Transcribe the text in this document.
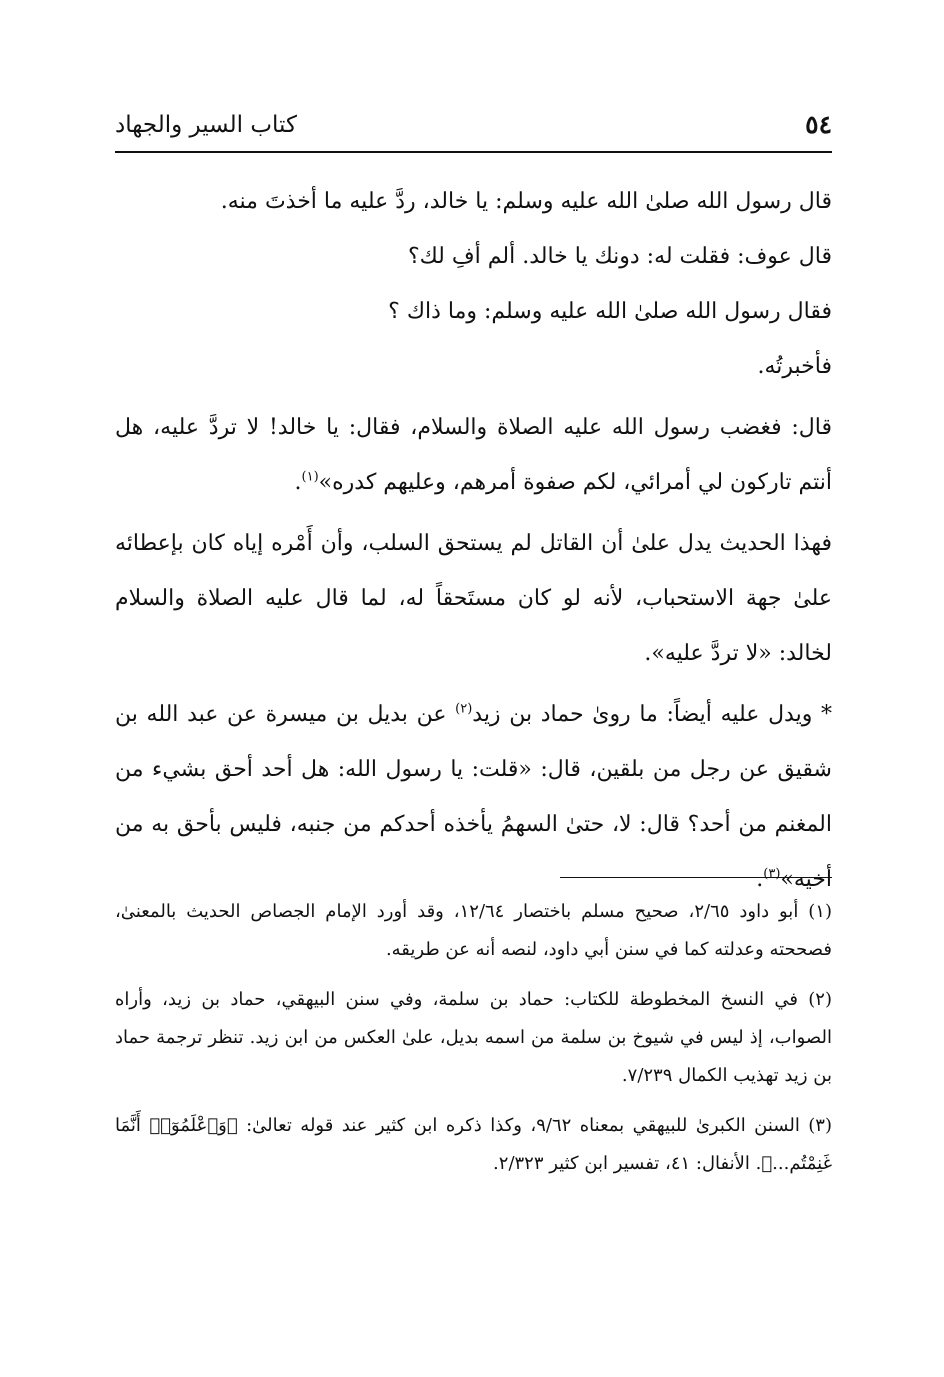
كتاب السير والجهاد	٥٤

قال رسول الله صلىٰ الله عليه وسلم: يا خالد، ردَّ عليه ما أخذتَ منه.

قال عوف: فقلت له: دونك يا خالد. ألم أفِ لك؟

فقال رسول الله صلىٰ الله عليه وسلم: وما ذاك ؟

فأخبرتُه.

قال: فغضب رسول الله عليه الصلاة والسلام، فقال: يا خالد! لا تردَّ عليه، هل أنتم تاركون لي أمرائي، لكم صفوة أمرهم، وعليهم كدره»$^{(١)}$.

فهذا الحديث يدل علىٰ أن القاتل لم يستحق السلب، وأن أَمْره إياه كان بإعطائه علىٰ جهة الاستحباب، لأنه لو كان مستَحقاً له، لما قال عليه الصلاة والسلام لخالد: «لا تردَّ عليه».

* ويدل عليه أيضاً: ما روىٰ حماد بن زيد$^{(٢)}$ عن بديل بن ميسرة عن عبد الله بن شقيق عن رجل من بلقين، قال: «قلت: يا رسول الله: هل أحد أحق بشيء من المغنم من أحد؟ قال: لا، حتىٰ السهمُ يأخذه أحدكم من جنبه، فليس بأحق به من أخيه»$^{(٣)}$.

(١) أبو داود ٢/٦٥، صحيح مسلم باختصار ١٢/٦٤، وقد أورد الإمام الجصاص الحديث بالمعنىٰ، فصححته وعدلته كما في سنن أبي داود، لنصه أنه عن طريقه.

(٢) في النسخ المخطوطة للكتاب: حماد بن سلمة، وفي سنن البيهقي، حماد بن زيد، وأراه الصواب، إذ ليس في شيوخ بن سلمة من اسمه بديل، علىٰ العكس من ابن زيد. تنظر ترجمة حماد بن زيد تهذيب الكمال ٧/٢٣٩.

(٣) السنن الكبرىٰ للبيهقي بمعناه ٩/٦٢، وكذا ذكره ابن كثير عند قوله تعالىٰ: ﴿وَٱعْلَمُوٓا۟ أَنَّمَا غَنِمْتُم...﴾. الأنفال: ٤١، تفسير ابن كثير ٢/٣٢٣.
